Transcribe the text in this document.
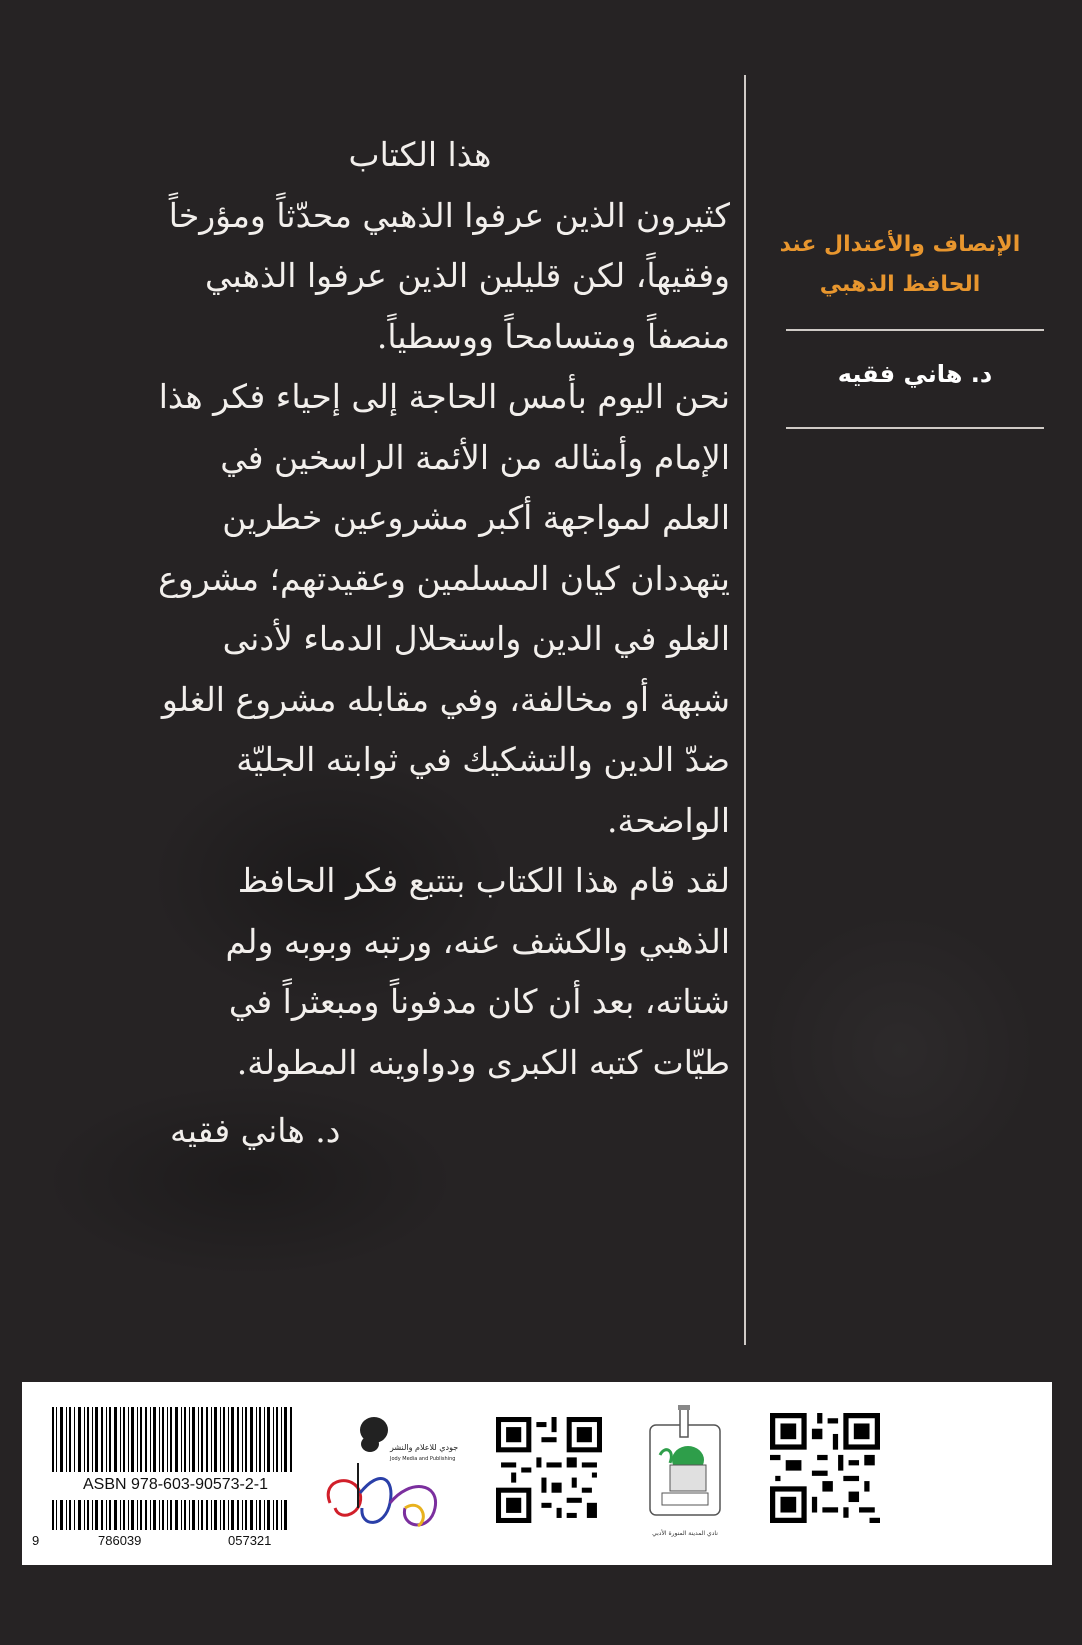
هذا الكتاب

كثيرون الذين عرفوا الذهبي محدّثاً ومؤرخاً وفقيهاً، لكن قليلين الذين عرفوا الذهبي منصفاً ومتسامحاً ووسطياً.

نحن اليوم بأمس الحاجة إلى إحياء فكر هذا الإمام وأمثاله من الأئمة الراسخين في العلم لمواجهة أكبر مشروعين خطرين يتهددان كيان المسلمين وعقيدتهم؛ مشروع الغلو في الدين واستحلال الدماء لأدنى شبهة أو مخالفة، وفي مقابله مشروع الغلو ضدّ الدين والتشكيك في ثوابته الجليّة الواضحة.

لقد قام هذا الكتاب بتتبع فكر الحافظ الذهبي والكشف عنه، ورتبه وبوبه ولم شتاته، بعد أن كان مدفوناً ومبعثراً في طيّات كتبه الكبرى ودواوينه المطولة.

د. هاني فقيه

الإنصاف والأعتدال عند
الحافظ الذهبي
د. هاني فقيه
ASBN 978-603-90573-2-1
9	786039	057321
جودي للاعلام والنشر
Jody Media and Publishing
نادي المدينة المنورة الأدبي
